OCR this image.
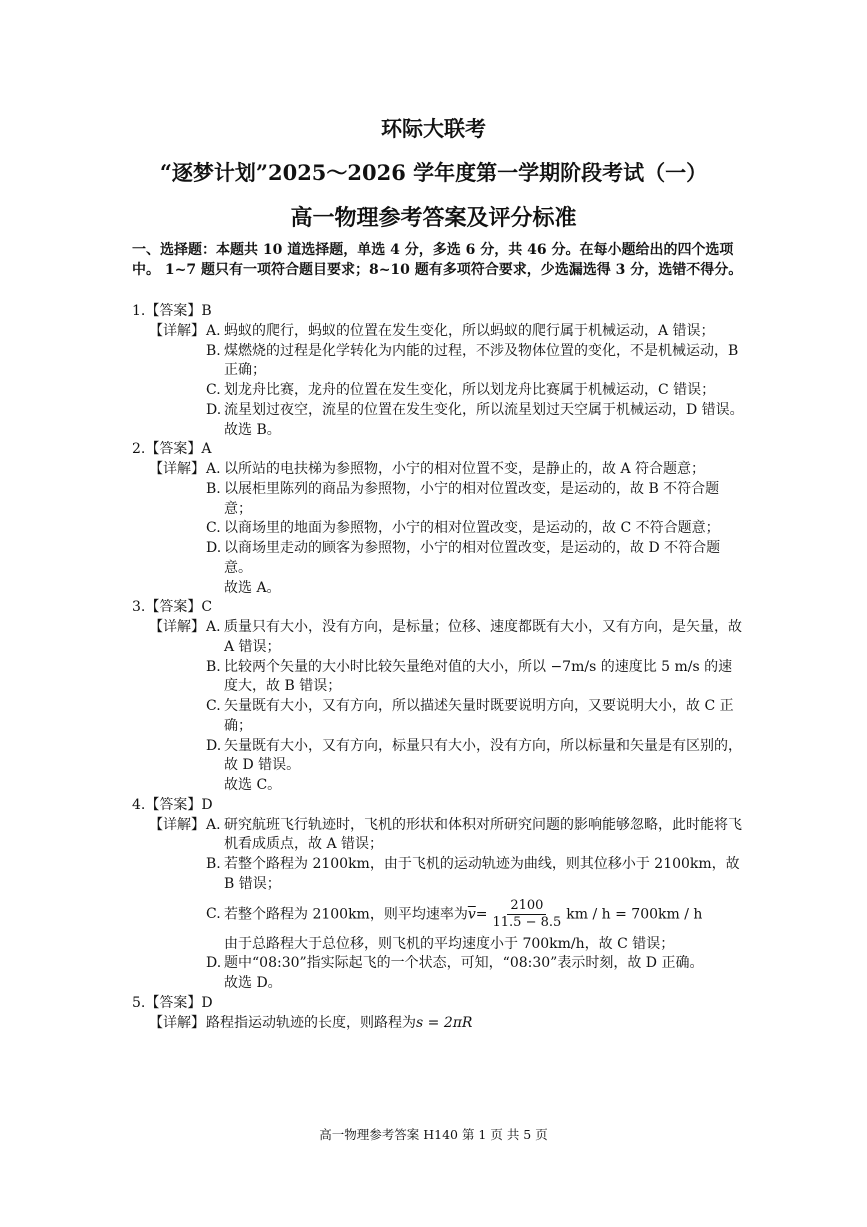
环际大联考
“逐梦计划”2025～2026 学年度第一学期阶段考试（一）
高一物理参考答案及评分标准
一、选择题：本题共 10 道选择题，单选 4 分，多选 6 分，共 46 分。在每小题给出的四个选项中。 1~7 题只有一项符合题目要求；8~10 题有多项符合要求，少选漏选得 3 分，选错不得分。
1.【答案】B
【详解】 A. 蚂蚁的爬行，蚂蚁的位置在发生变化，所以蚂蚁的爬行属于机械运动，A 错误；
B. 煤燃烧的过程是化学转化为内能的过程，不涉及物体位置的变化，不是机械运动，B 正确；
C. 划龙舟比赛，龙舟的位置在发生变化，所以划龙舟比赛属于机械运动，C 错误；
D. 流星划过夜空，流星的位置在发生变化，所以流星划过天空属于机械运动，D 错误。
故选 B。
2.【答案】A
【详解】 A. 以所站的电扶梯为参照物，小宁的相对位置不变，是静止的，故 A 符合题意；
B. 以展柜里陈列的商品为参照物，小宁的相对位置改变，是运动的，故 B 不符合题意；
C. 以商场里的地面为参照物，小宁的相对位置改变，是运动的，故 C 不符合题意；
D. 以商场里走动的顾客为参照物，小宁的相对位置改变，是运动的，故 D 不符合题意。
故选 A。
3.【答案】C
【详解】 A. 质量只有大小，没有方向，是标量；位移、速度都既有大小，又有方向，是矢量，故 A 错误；
B. 比较两个矢量的大小时比较矢量绝对值的大小，所以 −7m/s 的速度比 5 m/s 的速度大，故 B 错误；
C. 矢量既有大小，又有方向，所以描述矢量时既要说明方向，又要说明大小，故 C 正确；
D. 矢量既有大小，又有方向，标量只有大小，没有方向，所以标量和矢量是有区别的，故 D 错误。
故选 C。
4.【答案】D
【详解】 A. 研究航班飞行轨迹时，飞机的形状和体积对所研究问题的影响能够忽略，此时能将飞机看成质点，故 A 错误；
B. 若整个路程为 2100km，由于飞机的运动轨迹为曲线，则其位移小于 2100km，故 B 错误；
C. 若整个路程为 2100km，则平均速率为$\overline{v}= \frac{2100}{11.5 - 8.5}$ km / h = 700km / h
由于总路程大于总位移，则飞机的平均速度小于 700km/h，故 C 错误；
D. 题中“08:30”指实际起飞的一个状态，可知，“08:30”表示时刻，故 D 正确。
故选 D。
5.【答案】D
【详解】 路程指运动轨迹的长度，则路程为s = 2πR
高一物理参考答案 H140 第 1 页 共 5 页
